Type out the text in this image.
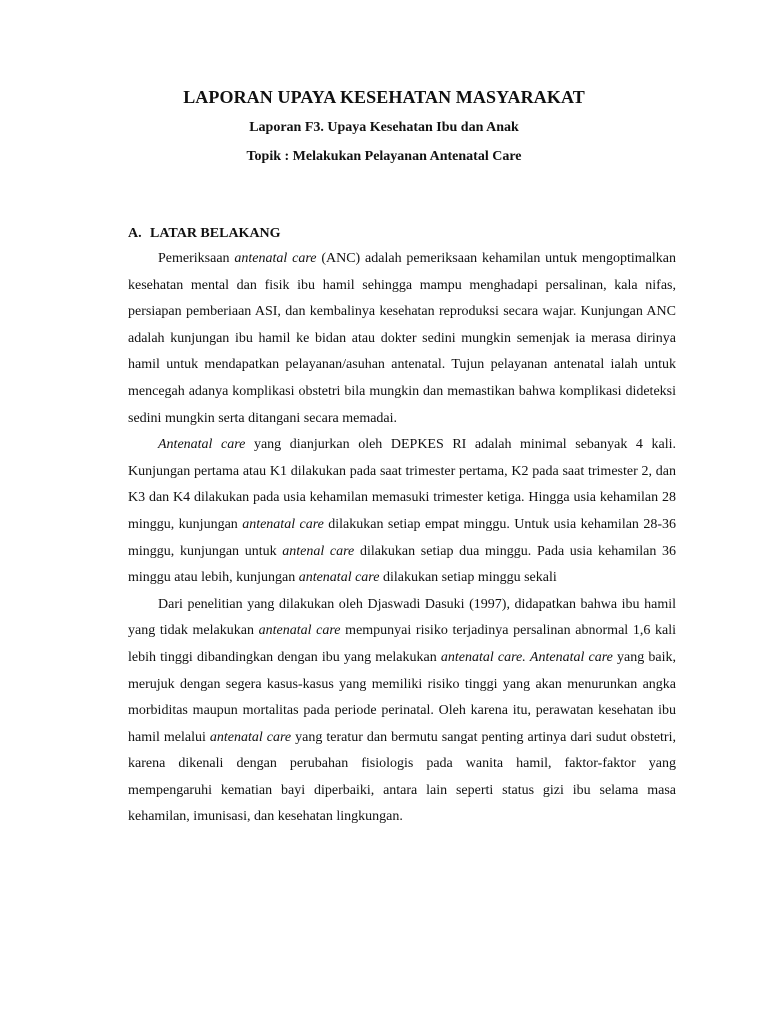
LAPORAN UPAYA KESEHATAN MASYARAKAT
Laporan F3. Upaya Kesehatan Ibu dan Anak
Topik : Melakukan Pelayanan Antenatal Care
A. LATAR BELAKANG

Pemeriksaan antenatal care (ANC) adalah pemeriksaan kehamilan untuk mengoptimalkan kesehatan mental dan fisik ibu hamil sehingga mampu menghadapi persalinan, kala nifas, persiapan pemberiaan ASI, dan kembalinya kesehatan reproduksi secara wajar. Kunjungan ANC adalah kunjungan ibu hamil ke bidan atau dokter sedini mungkin semenjak ia merasa dirinya hamil untuk mendapatkan pelayanan/asuhan antenatal. Tujun pelayanan antenatal ialah untuk mencegah adanya komplikasi obstetri bila mungkin dan memastikan bahwa komplikasi dideteksi sedini mungkin serta ditangani secara memadai.

Antenatal care yang dianjurkan oleh DEPKES RI adalah minimal sebanyak 4 kali. Kunjungan pertama atau K1 dilakukan pada saat trimester pertama, K2 pada saat trimester 2, dan K3 dan K4 dilakukan pada usia kehamilan memasuki trimester ketiga. Hingga usia kehamilan 28 minggu, kunjungan antenatal care dilakukan setiap empat minggu. Untuk usia kehamilan 28-36 minggu, kunjungan untuk antenal care dilakukan setiap dua minggu. Pada usia kehamilan 36 minggu atau lebih, kunjungan antenatal care dilakukan setiap minggu sekali

Dari penelitian yang dilakukan oleh Djaswadi Dasuki (1997), didapatkan bahwa ibu hamil yang tidak melakukan antenatal care mempunyai risiko terjadinya persalinan abnormal 1,6 kali lebih tinggi dibandingkan dengan ibu yang melakukan antenatal care. Antenatal care yang baik, merujuk dengan segera kasus-kasus yang memiliki risiko tinggi yang akan menurunkan angka morbiditas maupun mortalitas pada periode perinatal. Oleh karena itu, perawatan kesehatan ibu hamil melalui antenatal care yang teratur dan bermutu sangat penting artinya dari sudut obstetri, karena dikenali dengan perubahan fisiologis pada wanita hamil, faktor-faktor yang mempengaruhi kematian bayi diperbaiki, antara lain seperti status gizi ibu selama masa kehamilan, imunisasi, dan kesehatan lingkungan.
